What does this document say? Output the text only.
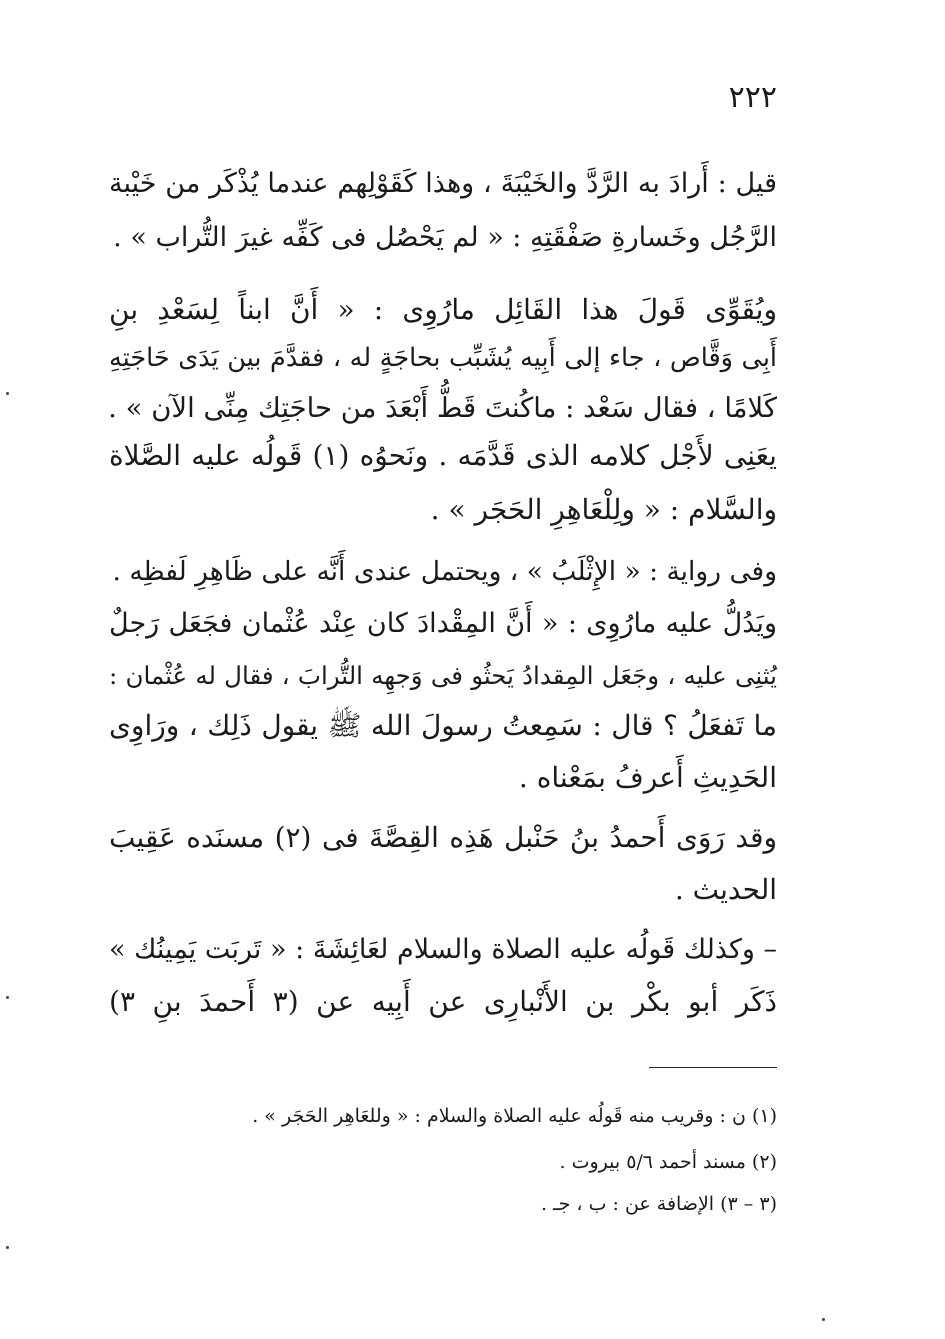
٢٢٢
قيل : أَرادَ به الرَّدَّ والخَيْبَةَ ، وهذا كَقَوْلِهم عندما يُذْكَر من خَيْبة
الرَّجُل وخَسارةِ صَفْقَتِهِ : « لم يَحْصُل فى كَفِّه غيرَ التُّراب » .
ويُقَوِّى قَولَ هذا القَائِل مارُوِى : « أَنَّ ابناً لِسَعْدِ بنِ
أَبِى وَقَّاص ، جاء إلى أَبِيه يُشَبِّب بحاجَةٍ له ، فقدَّمَ بين يَدَى حَاجَتِهِ
كَلامًا ، فقال سَعْد : ماكُنتَ قَطُّ أَبْعَدَ من حاجَتِك مِنِّى الآن » .
يعَنِى لأَجْل كلامه الذى قَدَّمَه . ونَحوُه (١) قَولُه عليه الصَّلاة
والسَّلام : « ولِلْعَاهِرِ الحَجَر » .
وفى رواية : « الإِثْلَبُ » ، ويحتمل عندى أَنَّه على ظَاهِرِ لَفظِه .
ويَدُلُّ عليه مارُوِى : « أَنَّ المِقْدادَ كان عِنْد عُثْمان فجَعَل رَجلٌ
يُثنِى عليه ، وجَعَل المِقدادُ يَحثُو فى وَجهِه التُّرابَ ، فقال له عُثْمان :
ما تَفعَلُ ؟ قال : سَمِعتُ رسولَ الله ﷺ يقول ذَلِك ، ورَاوِى
الحَدِيثِ أَعرفُ بمَعْناه .
وقد رَوَى أَحمدُ بنُ حَنْبل هَذِه القِصَّةَ فى (٢) مسنَده عَقِيبَ
الحديث .
– وكذلك قَولُه عليه الصلاة والسلام لعَائِشَةَ : « تَربَت يَمِينُك »
ذَكَر أبو بكْر بن الأَنْبارِى عن أَبِيه عن (٣ أَحمدَ بنِ ٣)
(١) ن : وقريب منه قَولُه عليه الصلاة والسلام : « وللعَاهِر الحَجَر » .
(٢) مسند أحمد ٥/٦ بيروت .
(٣ – ٣) الإضافة عن : ب ، جـ .
